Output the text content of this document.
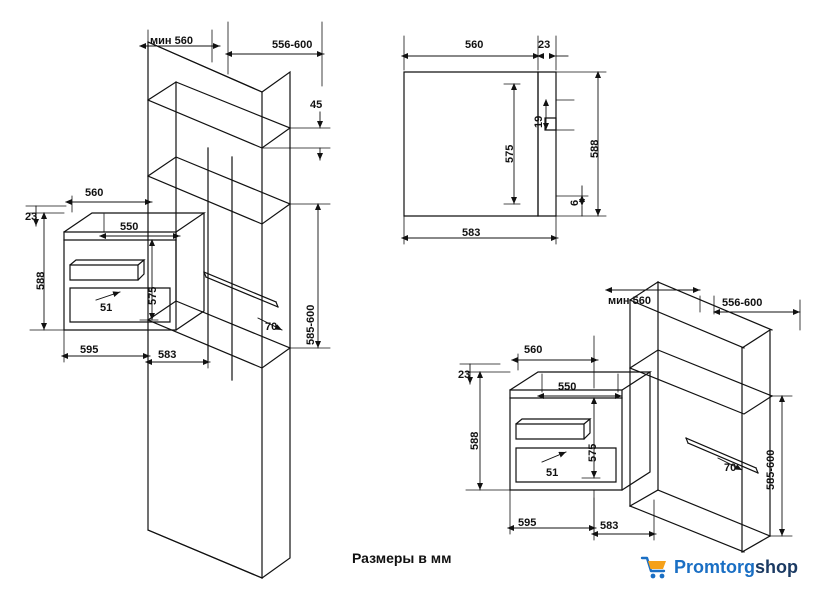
мин 560	556-600
45
560
23
550
588
575
51
70	585-600
595	583
560	23
19
575	588
6
583
мин 560	556-600
23
560
550
588
575
51	70	585-600
595	583
Размеры в мм	Promtorgshop
